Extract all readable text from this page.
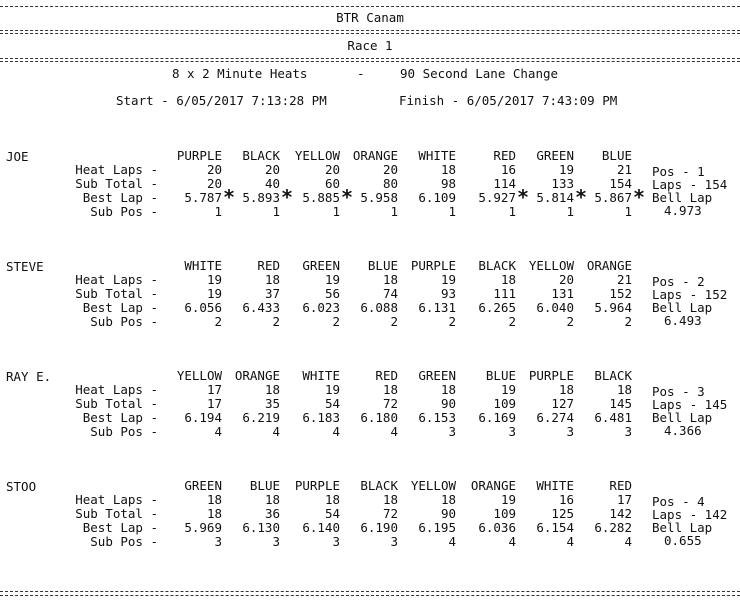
BTR Canam
Race 1
8 x 2 Minute Heats	-	90 Second Lane Change
Start - 6/05/2017 7:13:28 PM	Finish - 6/05/2017 7:43:09 PM
JOE	PURPLE	BLACK	YELLOW	ORANGE	WHITE	RED	GREEN	BLUE
Heat Laps -	20	20	20	20	18	16	19	21
Sub Total -	20	40	60	80	98	114	133	154
Best Lap -	5.787	5.893	5.885	5.958	6.109	5.927	5.814	5.867
Sub Pos -	1	1	1	1	1	1	1	1
* * *	* * *
Pos - 1
Laps - 154
Bell Lap
4.973
STEVE	WHITE	RED	GREEN	BLUE	PURPLE	BLACK	YELLOW	ORANGE
Heat Laps -	19	18	19	18	19	18	20	21
Sub Total -	19	37	56	74	93	111	131	152
Best Lap -	6.056	6.433	6.023	6.088	6.131	6.265	6.040	5.964
Sub Pos -	2	2	2	2	2	2	2	2
Pos - 2
Laps - 152
Bell Lap
6.493
RAY E.	YELLOW	ORANGE	WHITE	RED	GREEN	BLUE	PURPLE	BLACK
Heat Laps -	17	18	19	18	18	19	18	18
Sub Total -	17	35	54	72	90	109	127	145
Best Lap -	6.194	6.219	6.183	6.180	6.153	6.169	6.274	6.481
Sub Pos -	4	4	4	4	3	3	3	3
Pos - 3
Laps - 145
Bell Lap
4.366
STOO	GREEN	BLUE	PURPLE	BLACK	YELLOW	ORANGE	WHITE	RED
Heat Laps -	18	18	18	18	18	19	16	17
Sub Total -	18	36	54	72	90	109	125	142
Best Lap -	5.969	6.130	6.140	6.190	6.195	6.036	6.154	6.282
Sub Pos -	3	3	3	3	4	4	4	4
Pos - 4
Laps - 142
Bell Lap
0.655
